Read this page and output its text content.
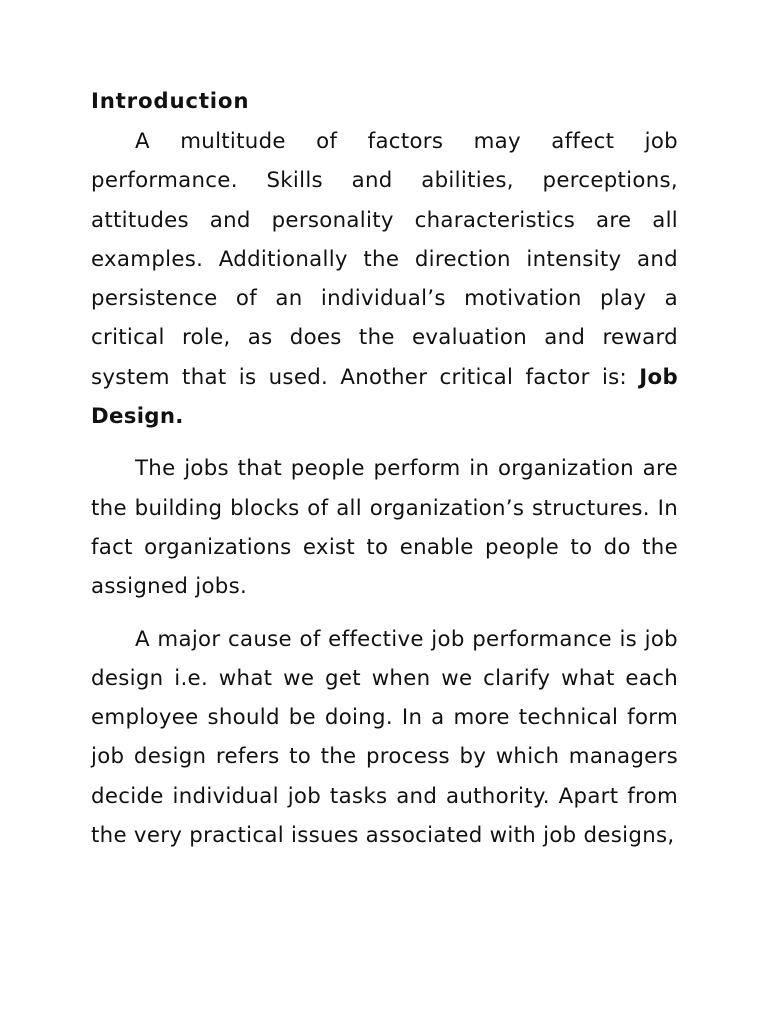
Introduction

A multitude of factors may affect job performance. Skills and abilities, perceptions, attitudes and personality characteristics are all examples. Additionally the direction intensity and persistence of an individual’s motivation play a critical role, as does the evaluation and reward system that is used. Another critical factor is: Job Design.

The jobs that people perform in organization are the building blocks of all organization’s structures. In fact organizations exist to enable people to do the assigned jobs.

A major cause of effective job performance is job design i.e. what we get when we clarify what each employee should be doing. In a more technical form job design refers to the process by which managers decide individual job tasks and authority. Apart from the very practical issues associated with job designs,
